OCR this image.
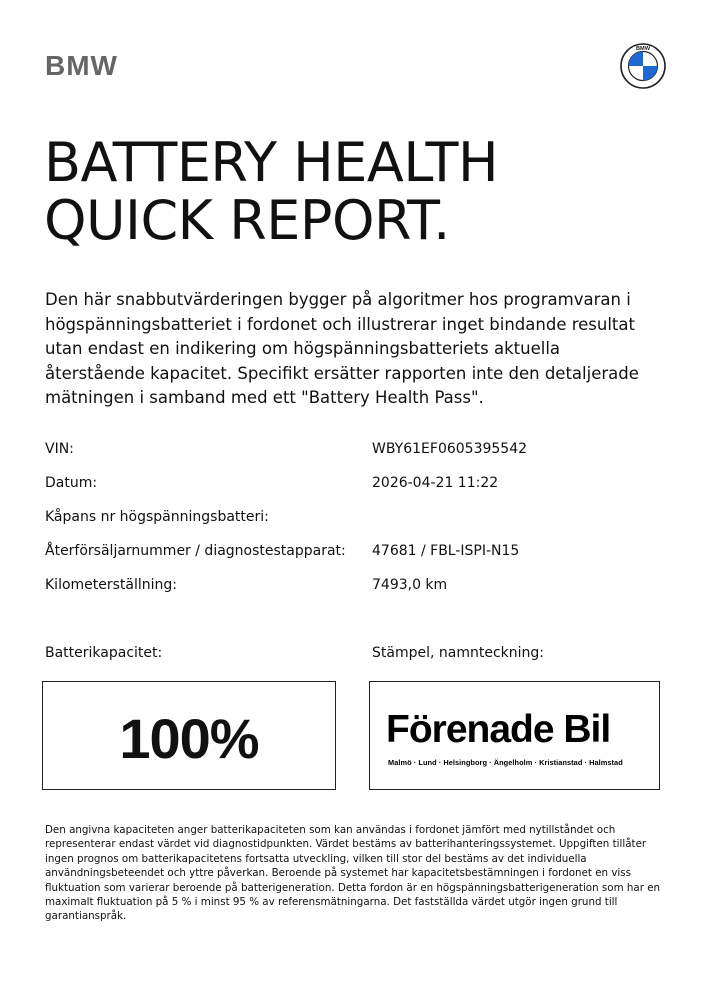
BMW
BMW
BATTERY HEALTH
QUICK REPORT.

Den här snabbutvärderingen bygger på algoritmer hos programvaran i högspänningsbatteriet i fordonet och illustrerar inget bindande resultat utan endast en indikering om högspänningsbatteriets aktuella återstående kapacitet. Specifikt ersätter rapporten inte den detaljerade mätningen i samband med ett "Battery Health Pass".

VIN:	WBY61EF0605395542
Datum:	2026-04-21 11:22
Kåpans nr högspänningsbatteri:
Återförsäljarnummer / diagnostestapparat: 47681 / FBL-ISPI-N15
Kilometerställning:	7493,0 km
Batterikapacitet:	Stämpel, namnteckning:
100%	Förenade Bil
Malmö · Lund · Helsingborg · Ängelholm · Kristianstad · Halmstad

Den angivna kapaciteten anger batterikapaciteten som kan användas i fordonet jämfört med nytillståndet och representerar endast värdet vid diagnostidpunkten. Värdet bestäms av batterihanteringssystemet. Uppgiften tillåter ingen prognos om batterikapacitetens fortsatta utveckling, vilken till stor del bestäms av det individuella användningsbeteendet och yttre påverkan. Beroende på systemet har kapacitetsbestämningen i fordonet en viss fluktuation som varierar beroende på batterigeneration. Detta fordon är en högspänningsbatterigeneration som har en maximalt fluktuation på 5 % i minst 95 % av referensmätningarna. Det fastställda värdet utgör ingen grund till garantianspråk.
